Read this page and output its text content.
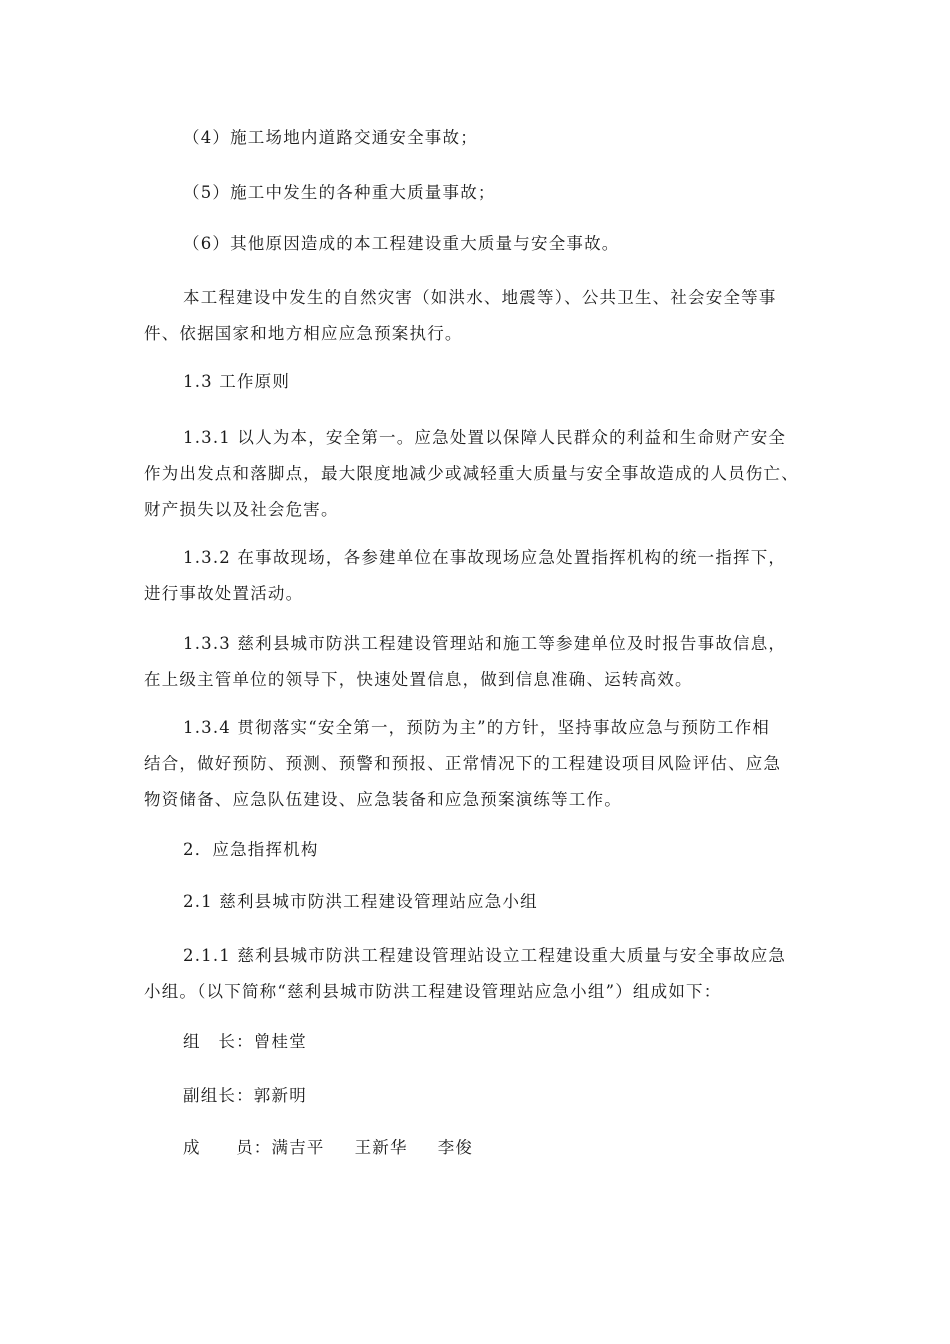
（4）施工场地内道路交通安全事故；

（5）施工中发生的各种重大质量事故；

（6）其他原因造成的本工程建设重大质量与安全事故。

本工程建设中发生的自然灾害（如洪水、地震等）、公共卫生、社会安全等事
件、依据国家和地方相应应急预案执行。

1.3 工作原则

1.3.1 以人为本，安全第一。应急处置以保障人民群众的利益和生命财产安全
作为出发点和落脚点，最大限度地减少或减轻重大质量与安全事故造成的人员伤亡、
财产损失以及社会危害。

1.3.2 在事故现场，各参建单位在事故现场应急处置指挥机构的统一指挥下，
进行事故处置活动。

1.3.3 慈利县城市防洪工程建设管理站和施工等参建单位及时报告事故信息，
在上级主管单位的领导下，快速处置信息，做到信息准确、运转高效。

1.3.4 贯彻落实“安全第一，预防为主”的方针，坚持事故应急与预防工作相
结合，做好预防、预测、预警和预报、正常情况下的工程建设项目风险评估、应急
物资储备、应急队伍建设、应急装备和应急预案演练等工作。

2．应急指挥机构

2.1 慈利县城市防洪工程建设管理站应急小组

2.1.1 慈利县城市防洪工程建设管理站设立工程建设重大质量与安全事故应急
小组。（以下简称“慈利县城市防洪工程建设管理站应急小组”）组成如下：

组　长：曾桂堂

副组长：郭新明

成　　员：满吉平 王新华 李俊
